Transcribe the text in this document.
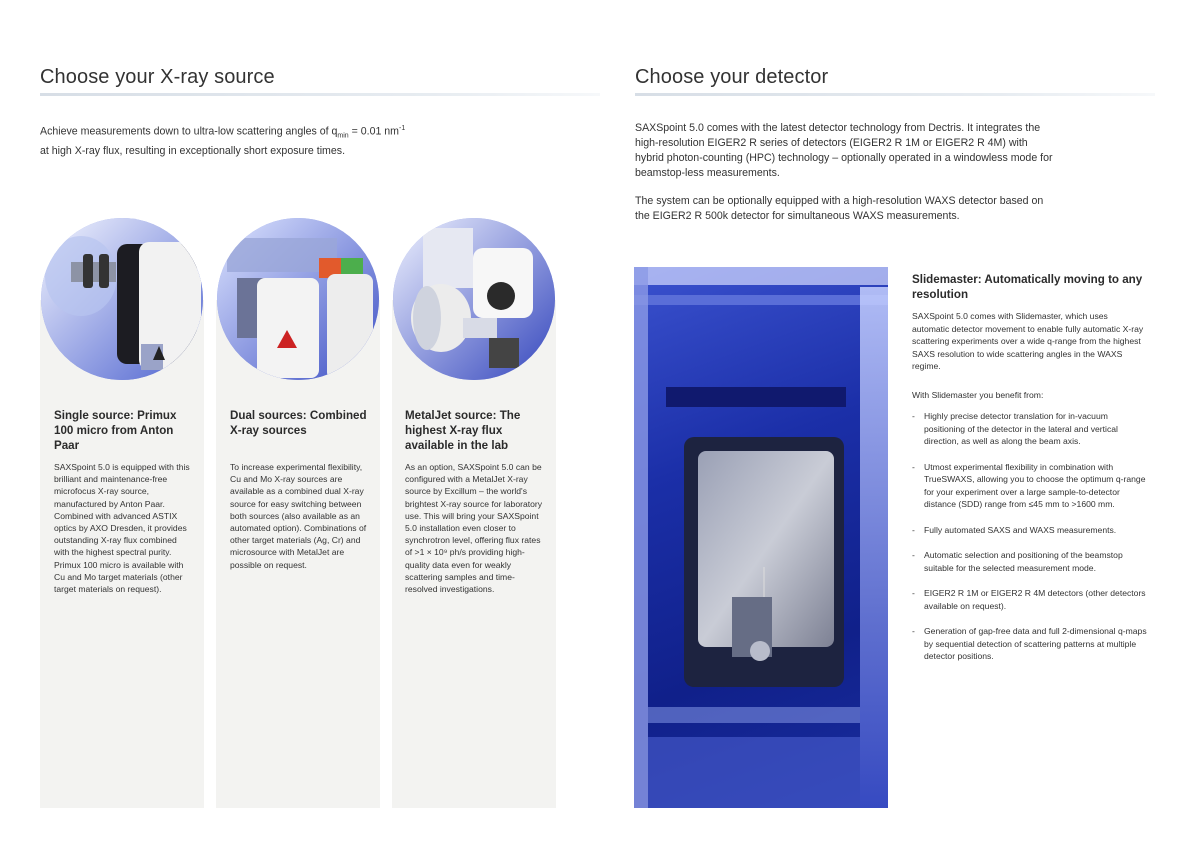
Choose your X-ray source
Achieve measurements down to ultra-low scattering angles of $q_{min} = 0.01$ $nm^{-1}$
at high X-ray flux, resulting in exceptionally short exposure times.
Single source: Primux 100 micro from Anton Paar
SAXSpoint 5.0 is equipped with this brilliant and maintenance-free microfocus X-ray source, manufactured by Anton Paar. Combined with advanced ASTIX optics by AXO Dresden, it provides outstanding X-ray flux combined with the highest spectral purity. Primux 100 micro is available with Cu and Mo target materials (other target materials on request).
Dual sources: Combined X-ray sources
To increase experimental flexibility, Cu and Mo X-ray sources are available as a combined dual X-ray source for easy switching between both sources (also available as an automated option). Combinations of other target materials (Ag, Cr) and microsource with MetalJet are possible on request.
MetalJet source: The highest X-ray flux available in the lab
As an option, SAXSpoint 5.0 can be configured with a MetalJet X-ray source by Excillum – the world's brightest X-ray source for laboratory use. This will bring your SAXSpoint 5.0 installation even closer to synchrotron level, offering flux rates of >1 × 10⁹ ph/s providing high-quality data even for weakly scattering samples and time-resolved investigations.
Choose your detector

SAXSpoint 5.0 comes with the latest detector technology from Dectris. It integrates the high-resolution EIGER2 R series of detectors (EIGER2 R 1M or EIGER2 R 4M) with hybrid photon-counting (HPC) technology – optionally operated in a windowless mode for beamstop-less measurements.

The system can be optionally equipped with a high-resolution WAXS detector based on the EIGER2 R 500k detector for simultaneous WAXS measurements.

Slidemaster: Automatically moving to any resolution
SAXSpoint 5.0 comes with Slidemaster, which uses automatic detector movement to enable fully automatic X-ray scattering experiments over a wide q-range from the highest SAXS resolution to wide scattering angles in the WAXS regime.
With Slidemaster you benefit from:
- Highly precise detector translation for in-vacuum positioning of the detector in the lateral and vertical direction, as well as along the beam axis.
- Utmost experimental flexibility in combination with TrueSWAXS, allowing you to choose the optimum q-range for your experiment over a large sample-to-detector distance (SDD) range from ≤45 mm to >1600 mm.
- Fully automated SAXS and WAXS measurements.
- Automatic selection and positioning of the beamstop suitable for the selected measurement mode.
- EIGER2 R 1M or EIGER2 R 4M detectors (other detectors available on request).
- Generation of gap-free data and full 2-dimensional q-maps by sequential detection of scattering patterns at multiple detector positions.
